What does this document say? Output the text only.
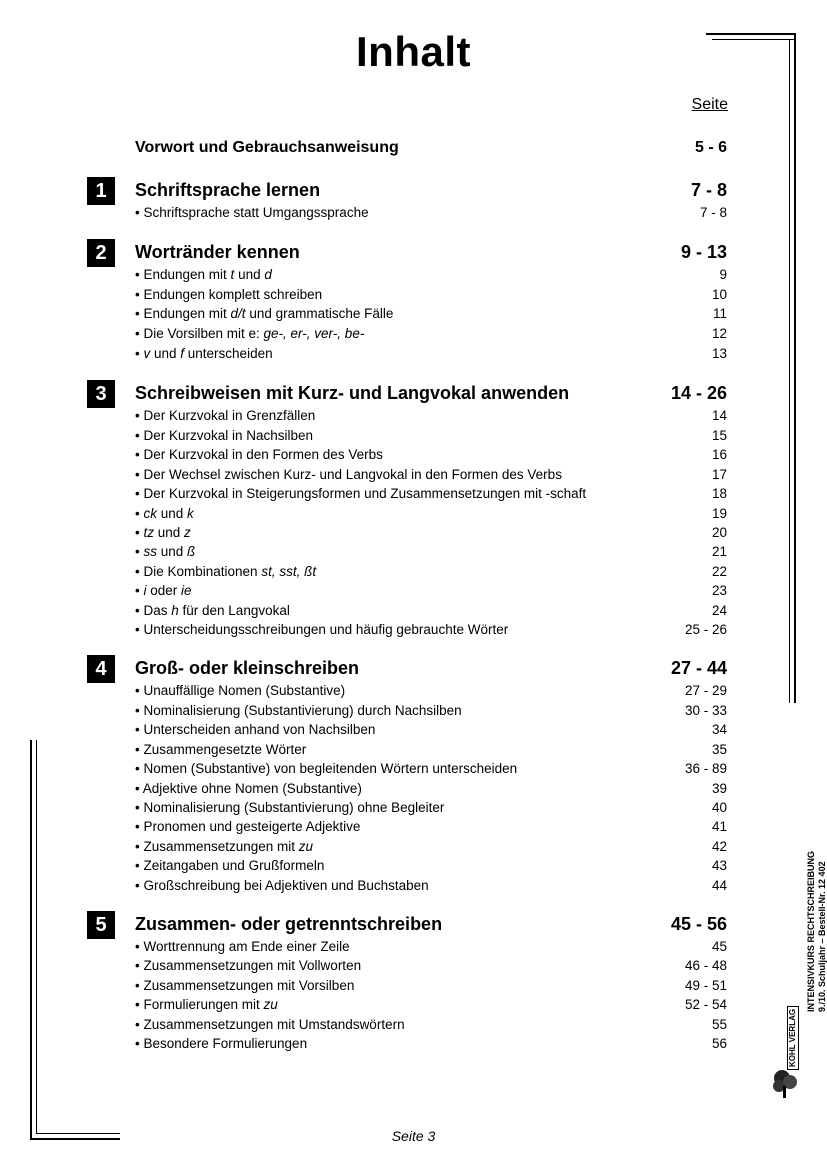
Inhalt
Seite
Vorwort und Gebrauchsanweisung	5 - 6
1	Schriftsprache lernen	7 - 8
• Schriftsprache statt Umgangssprache	7 - 8
2	Wortränder kennen	9 - 13
• Endungen mit t und d	9
• Endungen komplett schreiben	10
• Endungen mit d/t und grammatische Fälle	11
• Die Vorsilben mit e: ge-, er-, ver-, be-	12
• v und f unterscheiden	13
3	Schreibweisen mit Kurz- und Langvokal anwenden	14 - 26
• Der Kurzvokal in Grenzfällen	14
• Der Kurzvokal in Nachsilben	15
• Der Kurzvokal in den Formen des Verbs	16
• Der Wechsel zwischen Kurz- und Langvokal in den Formen des Verbs	17
• Der Kurzvokal in Steigerungsformen und Zusammensetzungen mit -schaft	18
• ck und k	19
• tz und z	20
• ss und ß	21
• Die Kombinationen st, sst, ßt	22
• i oder ie	23
• Das h für den Langvokal	24
• Unterscheidungsschreibungen und häufig gebrauchte Wörter	25 - 26
4	Groß- oder kleinschreiben	27 - 44
• Unauffällige Nomen (Substantive)	27 - 29
• Nominalisierung (Substantivierung) durch Nachsilben	30 - 33
• Unterscheiden anhand von Nachsilben	34
• Zusammengesetzte Wörter	35
• Nomen (Substantive) von begleitenden Wörtern unterscheiden	36 - 89
• Adjektive ohne Nomen (Substantive)	39
• Nominalisierung (Substantivierung) ohne Begleiter	40
• Pronomen und gesteigerte Adjektive	41
• Zusammensetzungen mit zu	42
• Zeitangaben und Grußformeln	43
• Großschreibung bei Adjektiven und Buchstaben	44
5	Zusammen- oder getrenntschreiben	45 - 56
• Worttrennung am Ende einer Zeile	45
• Zusammensetzungen mit Vollworten	46 - 48
• Zusammensetzungen mit Vorsilben	49 - 51
• Formulierungen mit zu	52 - 54
• Zusammensetzungen mit Umstandswörtern	55
• Besondere Formulierungen	56
Seite 3
INTENSIVKURS RECHTSCHREIBUNG 9./10. Schuljahr – Bestell-Nr. 12 402
KOHL VERLAG
